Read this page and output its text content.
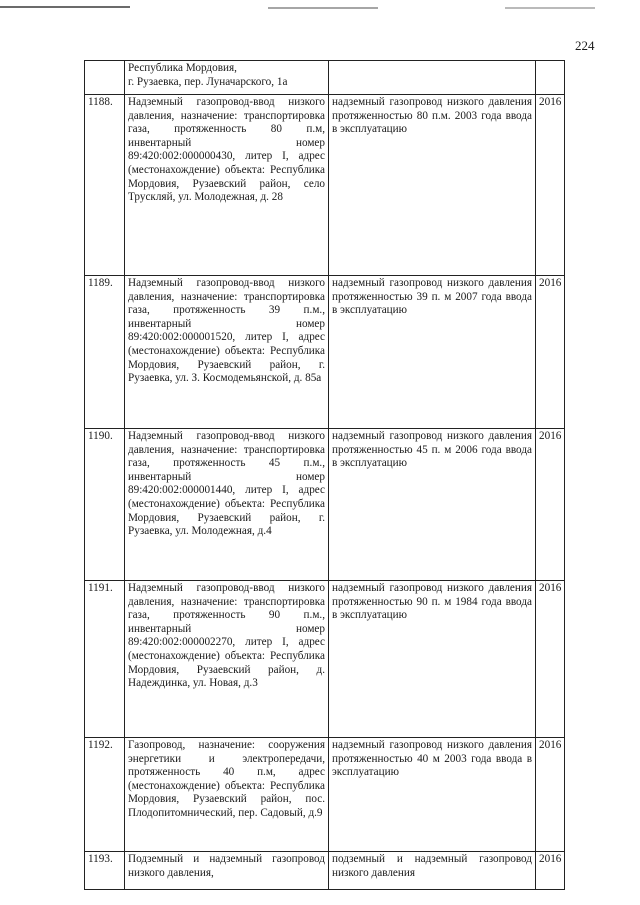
224
	Республика Мордовия,
г. Рузаевка, пер. Луначарского, 1а		
1188.	Надземный газопровод-ввод низкого давления, назначение: транспортировка газа, протяженность 80 п.м, инвентарный номер 89:420:002:000000430, литер I, адрес (местонахождение) объекта: Республика Мордовия, Рузаевский район, село Трускляй, ул. Молодежная, д. 28	надземный газопровод низкого давления протяженностью 80 п.м. 2003 года ввода в эксплуатацию	2016
1189.	Надземный газопровод-ввод низкого давления, назначение: транспортировка газа, протяженность 39 п.м., инвентарный номер 89:420:002:000001520, литер I, адрес (местонахождение) объекта: Республика Мордовия, Рузаевский район, г. Рузаевка, ул. З. Космодемьянской, д. 85а	надземный газопровод низкого давления протяженностью 39 п. м 2007 года ввода в эксплуатацию	2016
1190.	Надземный газопровод-ввод низкого давления, назначение: транспортировка газа, протяженность 45 п.м., инвентарный номер 89:420:002:000001440, литер I, адрес (местонахождение) объекта: Республика Мордовия, Рузаевский район, г. Рузаевка, ул. Молодежная, д.4	надземный газопровод низкого давления протяженностью 45 п. м 2006 года ввода в эксплуатацию	2016
1191.	Надземный газопровод-ввод низкого давления, назначение: транспортировка газа, протяженность 90 п.м., инвентарный номер 89:420:002:000002270, литер I, адрес (местонахождение) объекта: Республика Мордовия, Рузаевский район, д. Надеждинка, ул. Новая, д.3	надземный газопровод низкого давления протяженностью 90 п. м 1984 года ввода в эксплуатацию	2016
1192.	Газопровод, назначение: сооружения энергетики и электропередачи, протяженность 40 п.м, адрес (местонахождение) объекта: Республика Мордовия, Рузаевский район, пос. Плодопитомнический, пер. Садовый, д.9	надземный газопровод низкого давления протяженностью 40 м 2003 года ввода в эксплуатацию	2016
1193.	Подземный и надземный газопровод низкого давления,	подземный и надземный газопровод низкого давления	2016
